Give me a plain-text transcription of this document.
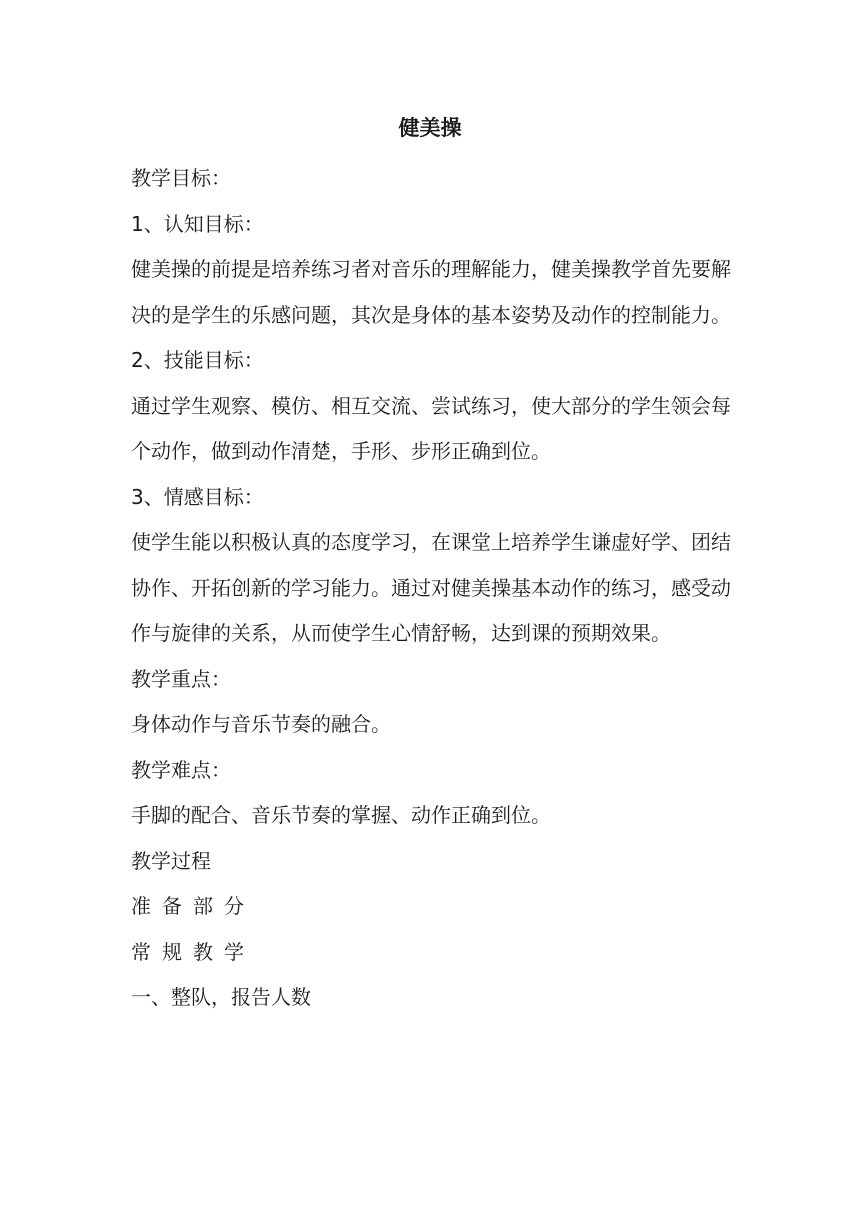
健美操

教学目标：

1、认知目标：

健美操的前提是培养练习者对音乐的理解能力，健美操教学首先要解决的是学生的乐感问题，其次是身体的基本姿势及动作的控制能力。

2、技能目标：

通过学生观察、模仿、相互交流、尝试练习，使大部分的学生领会每个动作，做到动作清楚，手形、步形正确到位。

3、情感目标：

使学生能以积极认真的态度学习，在课堂上培养学生谦虚好学、团结协作、开拓创新的学习能力。通过对健美操基本动作的练习，感受动作与旋律的关系，从而使学生心情舒畅，达到课的预期效果。

教学重点：

身体动作与音乐节奏的融合。

教学难点：

手脚的配合、音乐节奏的掌握、动作正确到位。

教学过程

准备部分

常规教学

一、整队，报告人数
